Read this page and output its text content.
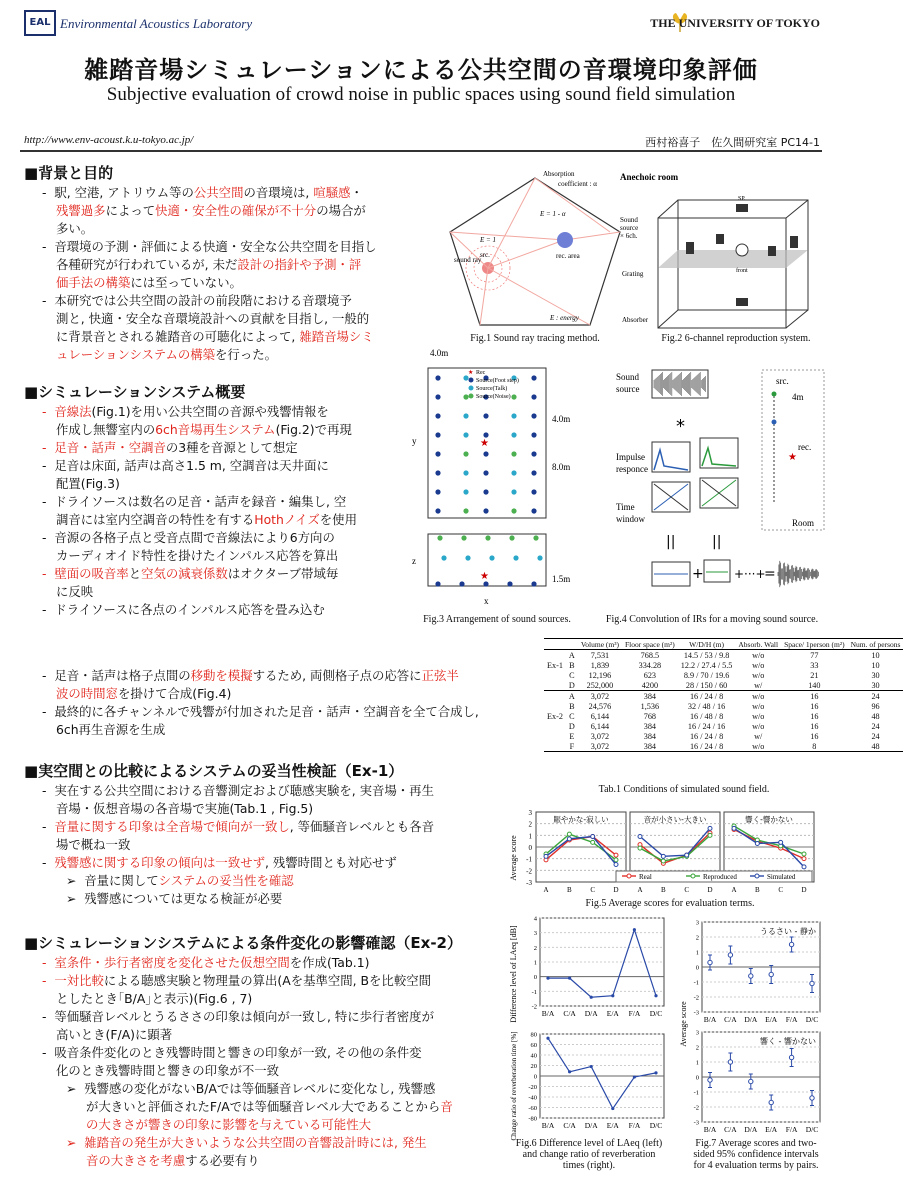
EAL Environmental Acoustics Laboratory	THE UNIVERSITY OF TOKYO
雑踏音場シミュレーションによる公共空間の音環境印象評価
Subjective evaluation of crowd noise in public spaces using sound field simulation
http://www.env-acoust.k.u-tokyo.ac.jp/	西村裕喜子　佐久間研究室 PC14-1
■背景と目的
-  駅, 空港, アトリウム等の公共空間の音環境は, 喧騒感・
残響過多によって快適・安全性の確保が不十分の場合が
多い。
-  音環境の予測・評価による快適・安全な公共空間を目指し
各種研究が行われているが, 未だ設計の指針や予測・評
価手法の構築には至っていない。
-  本研究では公共空間の設計の前段階における音環境予
測と, 快適・安全な音環境設計への貢献を目指し, 一般的
に背景音とされる雑踏音の可聴化によって, 雑踏音場シミ
ュレーションシステムの構築を行った。
Absorption
coefficient : α
E = 1 - α
E = 1
sound ray	rec. area
src.
E : energy
Fig.1 Sound ray tracing method.
Anechoic room
Sound
source
× 6ch.
SP.
front
Grating
Absorber
Fig.2 6-channel reproduction system.
■シミュレーションシステム概要
-  音線法(Fig.1)を用い公共空間の音源や残響情報を
作成し無響室内の6ch音場再生システム(Fig.2)で再現
-  足音・話声・空調音の3種を音源として想定
-  足音は床面, 話声は高さ1.5 m, 空調音は天井面に
配置(Fig.3)
-  ドライソースは数名の足音・話声を録音・編集し, 空
調音には室内空調音の特性を有するHothノイズを使用
-  音源の各格子点と受音点間で音線法により6方向の
カーディオイド特性を掛けたインパルス応答を算出
-  壁面の吸音率と空気の減衰係数はオクターブ帯域毎
に反映
-  ドライソースに各点のインパルス応答を畳み込む
4.0m
4.0m
8.0m
1.5m
y
z
x
★
★
★ Rec
Source(Foot step)
Source(Talk)
Source(Noise)
Fig.3 Arrangement of sound sources.
Sound
source
*
Impulse
responce
Time
window
||	||
+	+···+
=
src.
4m
rec.
Room
★
Fig.4 Convolution of IRs for a moving sound source.
-  足音・話声は格子点間の移動を模擬するため, 両側格子点の応答に正弦半
波の時間窓を掛けて合成(Fig.4)
-  最終的に各チャンネルで残響が付加された足音・話声・空調音を全て合成し,
6ch再生音源を生成
		Volume (m³)	Floor space (m²)	W/D/H (m)	Absorb. Wall	Space/ 1person (m²)	Num. of persons
	A	7,531	768.5	14.5 / 53 / 9.8	w/o	77	10
Ex-1	B	1,839	334.28	12.2 / 27.4 / 5.5	w/o	33	10
	C	12,196	623	8.9 / 70 / 19.6	w/o	21	30
	D	252,000	4200	28 / 150 / 60	w/	140	30
	A	3,072	384	16 / 24 / 8	w/o	16	24
	B	24,576	1,536	32 / 48 / 16	w/o	16	96
Ex-2	C	6,144	768	16 / 48 / 8	w/o	16	48
	D	6,144	384	16 / 24 / 16	w/o	16	24
	E	3,072	384	16 / 24 / 8	w/	16	24
	F	3,072	384	16 / 24 / 8	w/o	8	48
Tab.1 Conditions of simulated sound field.
■実空間との比較によるシステムの妥当性検証（Ex-1）
-  実在する公共空間における音響測定および聴感実験を, 実音場・再生
音場・仮想音場の各音場で実施(Tab.1 , Fig.5)
-  音量に関する印象は全音場で傾向が一致し, 等価騒音レベルとも各音
場で概ね一致
-  残響感に関する印象の傾向は一致せず, 残響時間とも対応せず
➢  音量に関してシステムの妥当性を確認
➢  残響感については更なる検証が必要
Average score
3
2
1
0
-1
-2
-3
賑やかな-寂しい
A	B	C	D
音が小さい-大きい
A	B	C	D
響く-響かない
A	B	C	D
Real	Reproduced	Simulated
Fig.5 Average scores for evaluation terms.
■シミュレーションシステムによる条件変化の影響確認（Ex-2）
-  室条件・歩行者密度を変化させた仮想空間を作成(Tab.1)
-  一対比較による聴感実験と物理量の算出(Aを基準空間, Bを比較空間
としたとき｢B/A｣と表示)(Fig.6 , 7)
-  等価騒音レベルとうるささの印象は傾向が一致し, 特に歩行者密度が
高いとき(F/A)に顕著
-  吸音条件変化のとき残響時間と響きの印象が一致, その他の条件変
化のとき残響時間と響きの印象が不一致
➢  残響感の変化がないB/Aでは等価騒音レベルに変化なし, 残響感
が大きいと評価されたF/Aでは等価騒音レベル大であることから音
の大きさが響きの印象に影響を与えている可能性大
➢  雑踏音の発生が大きいような公共空間の音響設計時には, 発生
音の大きさを考慮する必要有り
Difference level of LAeq [dB]
Change ratio of reverberation time [%]
4
3
2
1
0
-1
-2
B/A C/A D/A E/A F/A D/C
80
60
40
20
0
-20
-40
-60
-80
B/A C/A D/A E/A F/A D/C
Fig.6 Difference level of LAeq (left)
and change ratio of reverberation
times (right).
Average score
3
2
1
0
-1
-2
-3
うるさい - 静か
B/A C/A D/A E/A F/A D/C
3
2
1
0
-1
-2
-3
響く - 響かない
B/A C/A D/A E/A F/A D/C
Fig.7 Average scores and two-
sided 95% confidence intervals
for 4 evaluation terms by pairs.
